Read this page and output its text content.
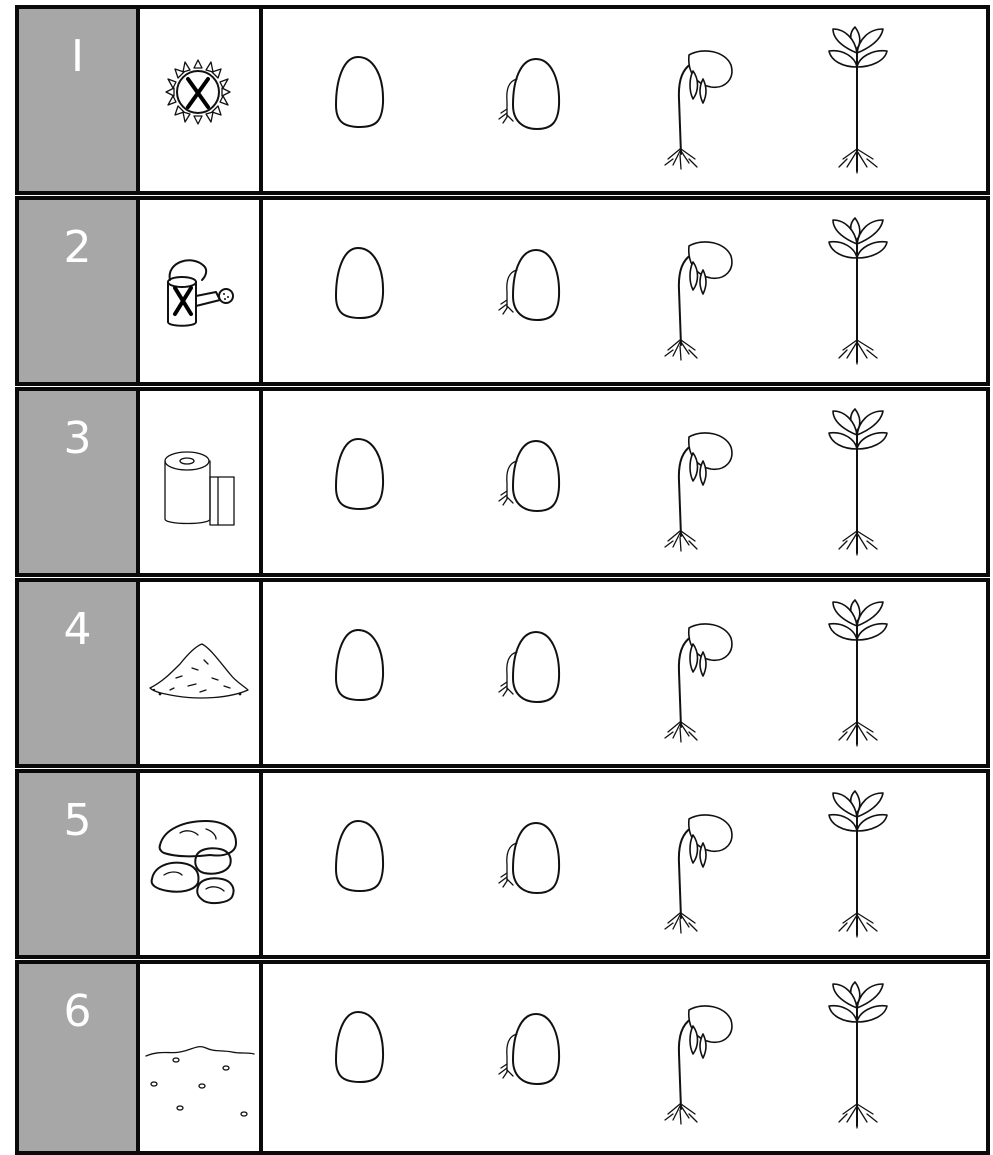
I
2
3
4
5
6
